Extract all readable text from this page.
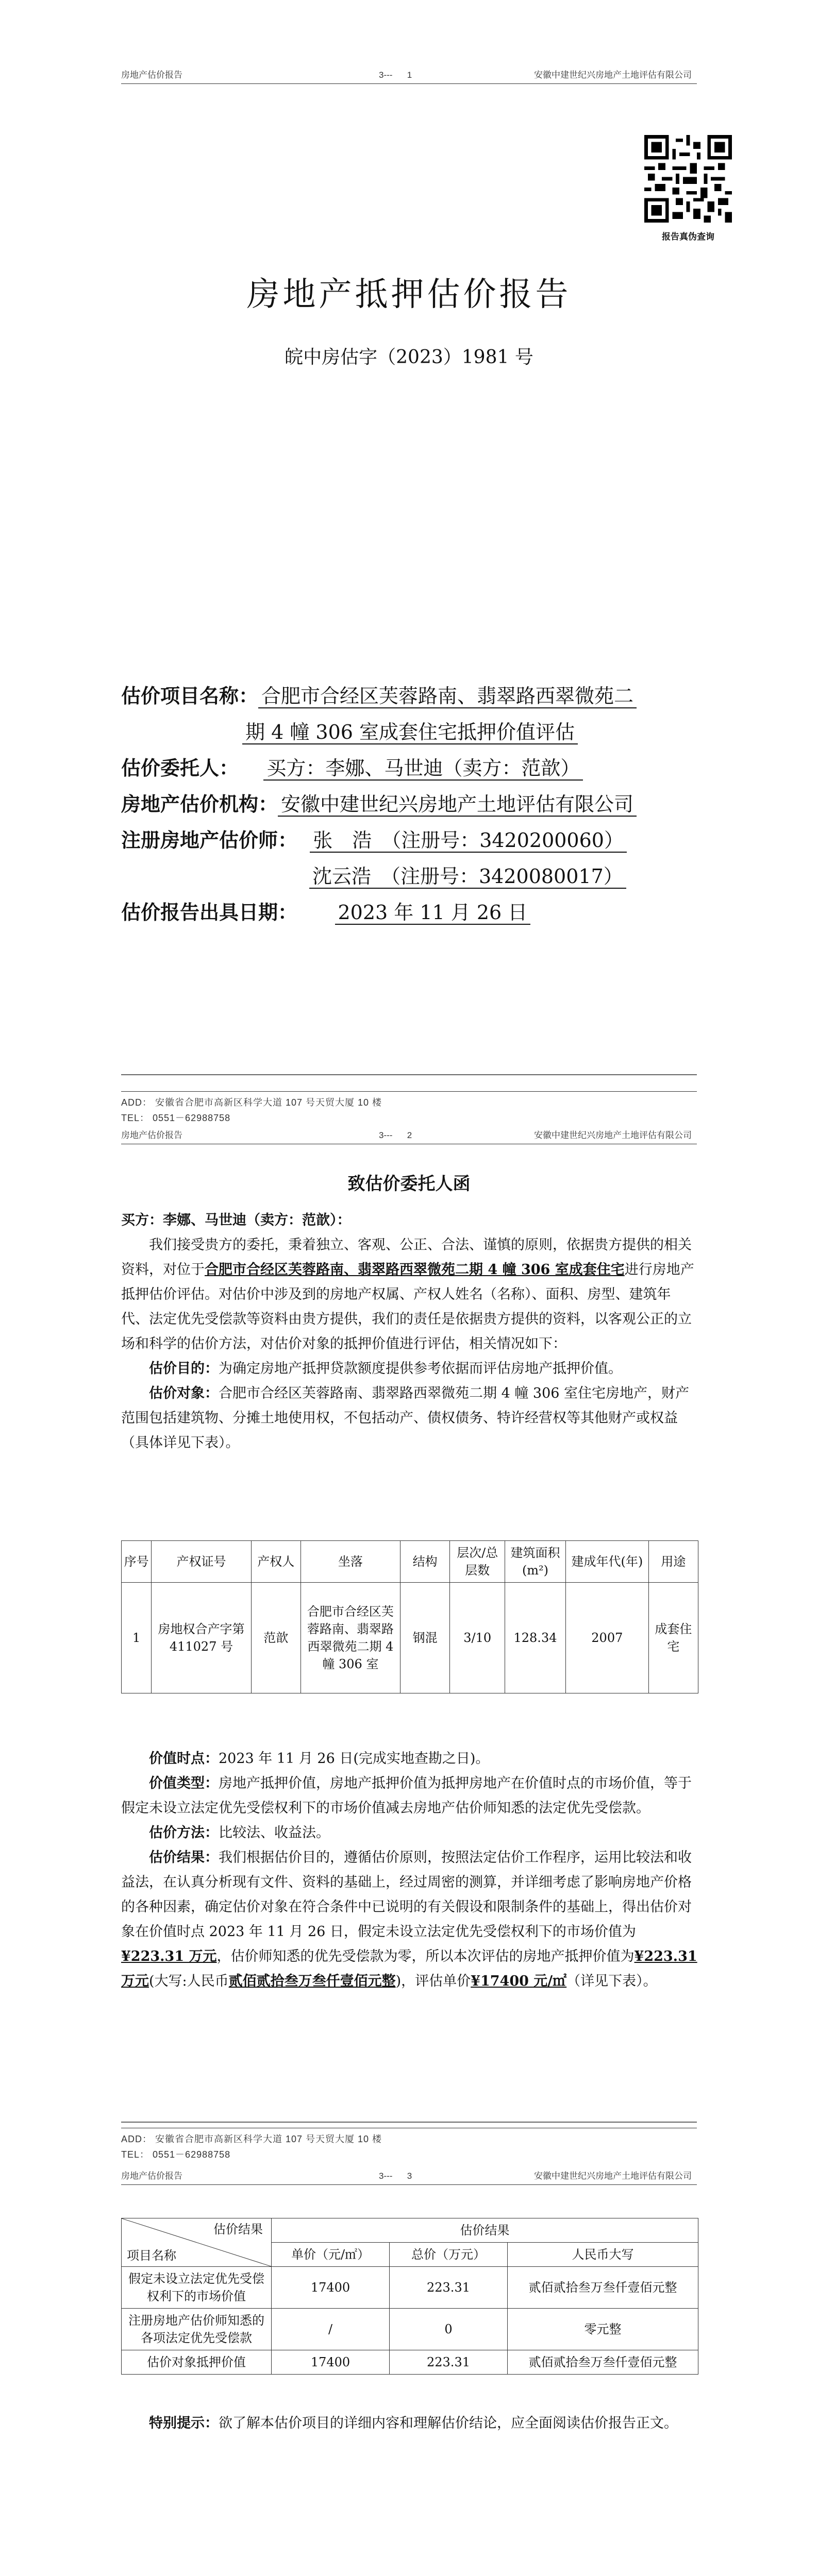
房地产估价报告	3--- 1	安徽中建世纪兴房地产土地评估有限公司
报告真伪查询
房地产抵押估价报告
皖中房估字（2023）1981 号
估价项目名称： 合肥市合经区芙蓉路南、翡翠路西翠微苑二
期 4 幢 306 室成套住宅抵押价值评估
估价委托人： 买方：李娜、马世迪（卖方：范歆）
房地产估价机构： 安徽中建世纪兴房地产土地评估有限公司
注册房地产估价师： 张　浩　（注册号：3420200060）
沈云浩　（注册号：3420080017）
估价报告出具日期： 2023 年 11 月 26 日
ADD： 安徽省合肥市高新区科学大道 107 号天贸大厦 10 楼
TEL： 0551－62988758
房地产估价报告	3--- 2	安徽中建世纪兴房地产土地评估有限公司
致估价委托人函

买方：李娜、马世迪（卖方：范歆）：

我们接受贵方的委托，秉着独立、客观、公正、合法、谨慎的原则，依据贵方提供的相关资料，对位于合肥市合经区芙蓉路南、翡翠路西翠微苑二期 4 幢 306 室成套住宅进行房地产抵押估价评估。对估价中涉及到的房地产权属、产权人姓名（名称）、面积、房型、建筑年代、法定优先受偿款等资料由贵方提供，我们的责任是依据贵方提供的资料，以客观公正的立场和科学的估价方法，对估价对象的抵押价值进行评估，相关情况如下：

估价目的：为确定房地产抵押贷款额度提供参考依据而评估房地产抵押价值。

估价对象：合肥市合经区芙蓉路南、翡翠路西翠微苑二期 4 幢 306 室住宅房地产，财产范围包括建筑物、分摊土地使用权，不包括动产、债权债务、特许经营权等其他财产或权益（具体详见下表）。

序号	产权证号	产权人	坐落	结构	层次/总层数	建筑面积(m²)	建成年代(年)	用途
1	房地权合产字第 411027 号	范歆	合肥市合经区芙蓉路南、翡翠路西翠微苑二期 4 幢 306 室	钢混	3/10	128.34	2007	成套住宅

价值时点：2023 年 11 月 26 日(完成实地查勘之日)。

价值类型：房地产抵押价值，房地产抵押价值为抵押房地产在价值时点的市场价值，等于假定未设立法定优先受偿权利下的市场价值减去房地产估价师知悉的法定优先受偿款。

估价方法：比较法、收益法。

估价结果：我们根据估价目的，遵循估价原则，按照法定估价工作程序，运用比较法和收益法，在认真分析现有文件、资料的基础上，经过周密的测算，并详细考虑了影响房地产价格的各种因素，确定估价对象在符合条件中已说明的有关假设和限制条件的基础上，得出估价对象在价值时点 2023 年 11 月 26 日，假定未设立法定优先受偿权利下的市场价值为¥223.31 万元，估价师知悉的优先受偿款为零，所以本次评估的房地产抵押价值为¥223.31 万元(大写:人民币贰佰贰拾叁万叁仟壹佰元整)，评估单价¥17400 元/㎡（详见下表）。

ADD： 安徽省合肥市高新区科学大道 107 号天贸大厦 10 楼
TEL： 0551－62988758
房地产估价报告	3--- 3	安徽中建世纪兴房地产土地评估有限公司
估价结果
项目名称	估价结果		
	单价（元/㎡）	总价（万元）	人民币大写
假定未设立法定优先受偿权利下的市场价值	17400	223.31	贰佰贰拾叁万叁仟壹佰元整
注册房地产估价师知悉的各项法定优先受偿款	/	0	零元整
估价对象抵押价值	17400	223.31	贰佰贰拾叁万叁仟壹佰元整

特别提示：欲了解本估价项目的详细内容和理解估价结论，应全面阅读估价报告正文。
